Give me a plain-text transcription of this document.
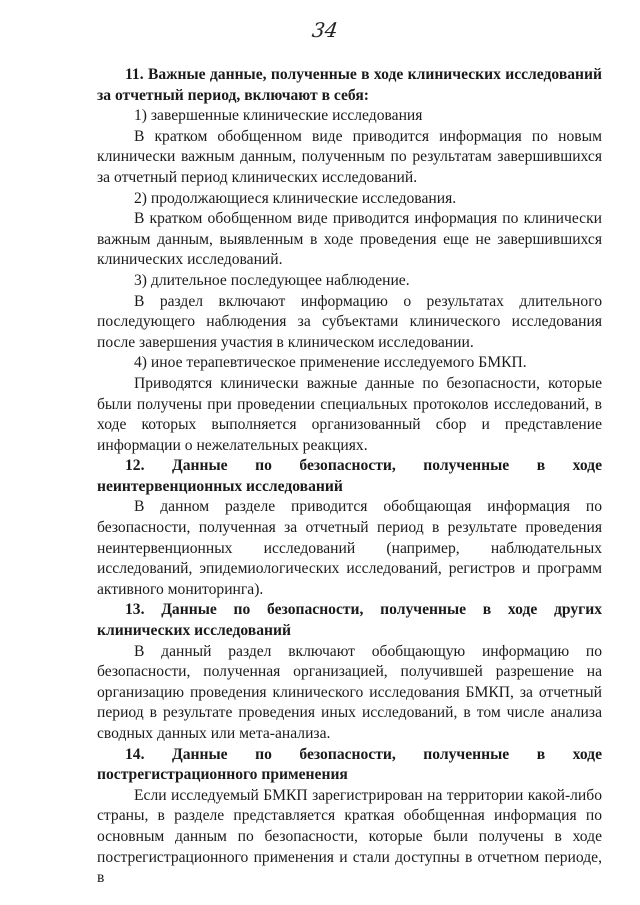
34

11. Важные данные, полученные в ходе клинических исследований за отчетный период, включают в себя:

1) завершенные клинические исследования

В кратком обобщенном виде приводится информация по новым клинически важным данным, полученным по результатам завершившихся за отчетный период клинических исследований.

2) продолжающиеся клинические исследования.

В кратком обобщенном виде приводится информация по клинически важным данным, выявленным в ходе проведения еще не завершившихся клинических исследований.

3) длительное последующее наблюдение.

В раздел включают информацию о результатах длительного последующего наблюдения за субъектами клинического исследования после завершения участия в клиническом исследовании.

4) иное терапевтическое применение исследуемого БМКП.

Приводятся клинически важные данные по безопасности, которые были получены при проведении специальных протоколов исследований, в ходе которых выполняется организованный сбор и представление информации о нежелательных реакциях.

12. Данные по безопасности, полученные в ходе неинтервенционных исследований

В данном разделе приводится обобщающая информация по безопасности, полученная за отчетный период в результате проведения неинтервенционных исследований (например, наблюдательных исследований, эпидемиологических исследований, регистров и программ активного мониторинга).

13. Данные по безопасности, полученные в ходе других клинических исследований

В данный раздел включают обобщающую информацию по безопасности, полученная организацией, получившей разрешение на организацию проведения клинического исследования БМКП, за отчетный период в результате проведения иных исследований, в том числе анализа сводных данных или мета-анализа.

14. Данные по безопасности, полученные в ходе пострегистрационного применения

Если исследуемый БМКП зарегистрирован на территории какой-либо страны, в разделе представляется краткая обобщенная информация по основным данным по безопасности, которые были получены в ходе пострегистрационного применения и стали доступны в отчетном периоде, в
